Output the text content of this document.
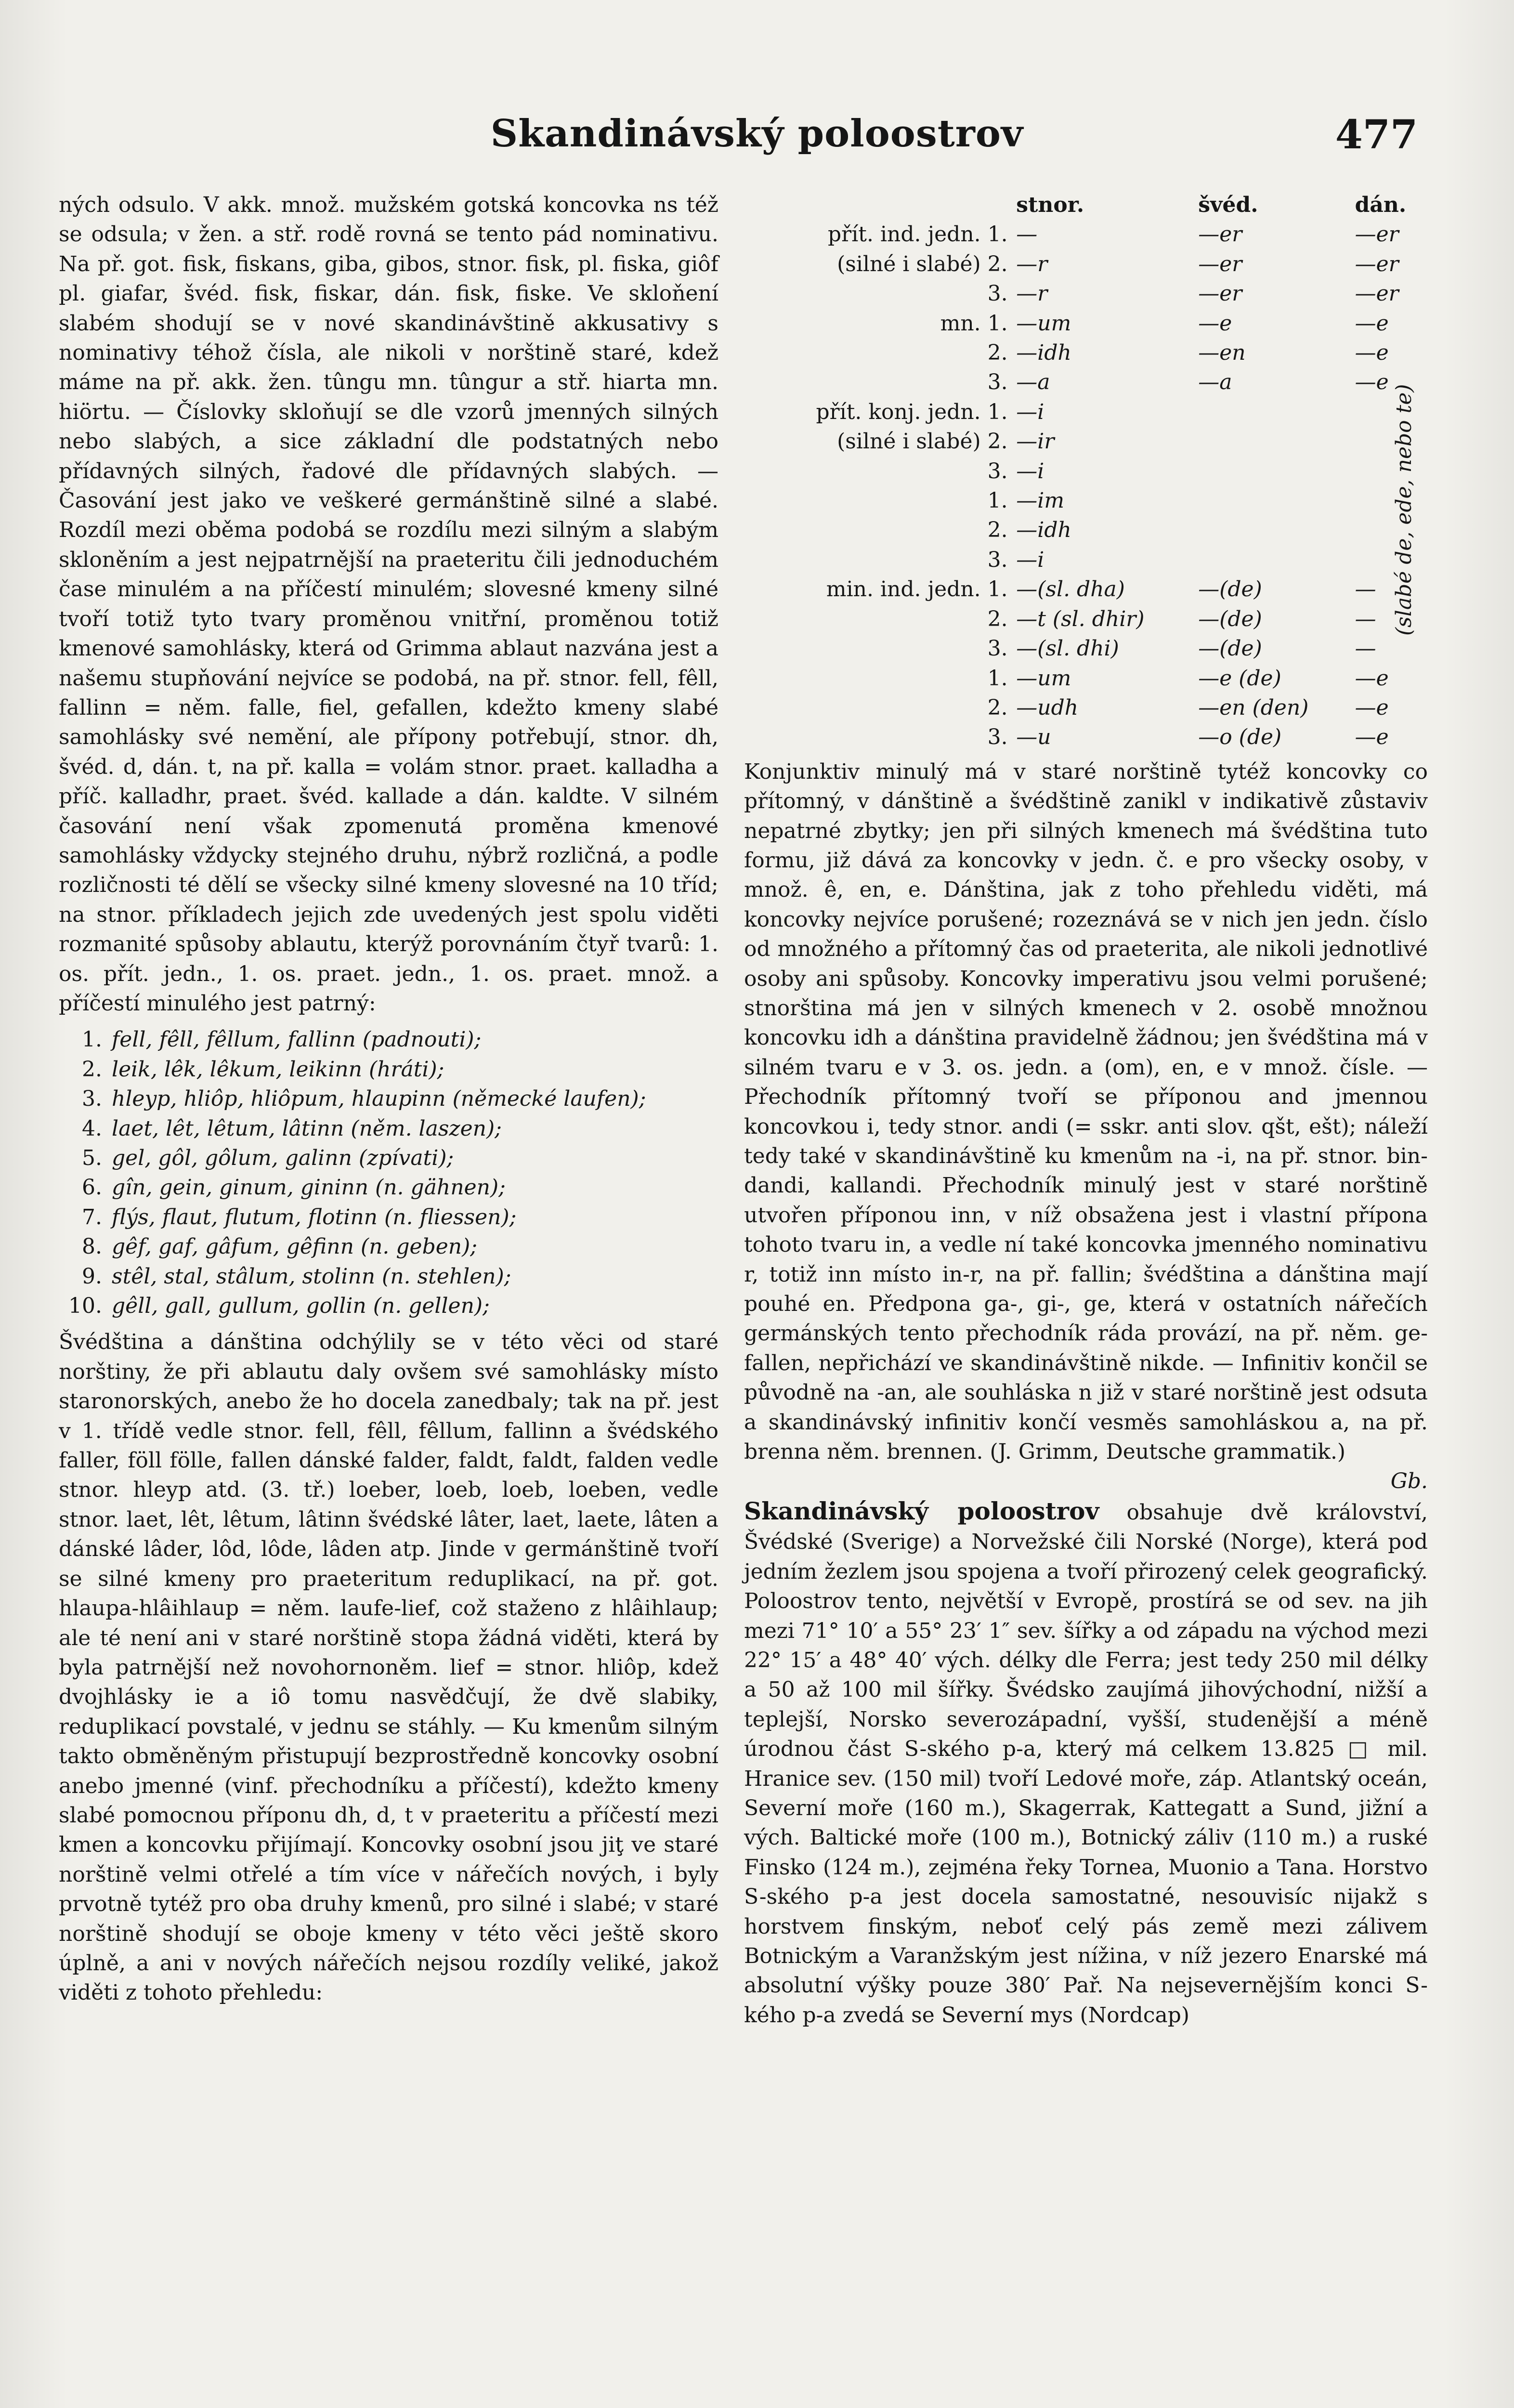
Skandinávský poloostrov	477

ných odsulo. V akk. množ. mužském gotská koncovka ns též se odsula; v žen. a stř. rodě rovná se tento pád nominativu. Na př. got. fisk, fiskans, giba, gibos, stnor. fisk, pl. fiska, giôf pl. giafar, švéd. fisk, fiskar, dán. fisk, fiske. Ve skloňení slabém shodují se v nové skandinávštině akkusativy s nominativy téhož čísla, ale nikoli v norštině staré, kdež máme na př. akk. žen. tûngu mn. tûngur a stř. hiarta mn. hiörtu. — Číslovky skloňují se dle vzorů jmenných silných nebo slabých, a sice základní dle podstatných nebo přídavných silných, řadové dle přídavných slabých. — Časování jest jako ve veškeré germánštině silné a slabé. Rozdíl mezi oběma podobá se rozdílu mezi silným a slabým skloněním a jest nejpatrnější na praeteritu čili jednoduchém čase minulém a na příčestí minulém; slovesné kmeny silné tvoří totiž tyto tvary proměnou vnitřní, proměnou totiž kmenové samohlásky, která od Grimma ablaut nazvána jest a našemu stupňování nejvíce se podobá, na př. stnor. fell, fêll, fallinn = něm. falle, fiel, gefallen, kdežto kmeny slabé samohlásky své nemění, ale přípony potřebují, stnor. dh, švéd. d, dán. t, na př. kalla = volám stnor. praet. kalladha a příč. kalladhr, praet. švéd. kallade a dán. kaldte. V silném časování není však zpomenutá proměna kmenové samohlásky vždycky stejného druhu, nýbrž rozličná, a podle rozličnosti té dělí se všecky silné kmeny slovesné na 10 tříd; na stnor. příkladech jejich zde uvedených jest spolu viděti rozmanité spůsoby ablautu, kterýž porovnáním čtyř tvarů: 1. os. přít. jedn., 1. os. praet. jedn., 1. os. praet. množ. a příčestí minulého jest patrný:

1. fell, fêll, fêllum, fallinn (padnouti);
2. leik, lêk, lêkum, leikinn (hráti);
3. hleyp, hliôp, hliôpum, hlaupinn (německé laufen);
4. laet, lêt, lêtum, lâtinn (něm. laszen);
5. gel, gôl, gôlum, galinn (zpívati);
6. gîn, gein, ginum, gininn (n. gähnen);
7. flýs, flaut, flutum, flotinn (n. fliessen);
8. gêf, gaf, gâfum, gêfinn (n. geben);
9. stêl, stal, stâlum, stolinn (n. stehlen);
10. gêll, gall, gullum, gollin (n. gellen);

Švédština a dánština odchýlily se v této věci od staré norštiny, že při ablautu daly ovšem své samohlásky místo staronorských, anebo že ho docela zanedbaly; tak na př. jest v 1. třídě vedle stnor. fell, fêll, fêllum, fallinn a švédského faller, föll fölle, fallen dánské falder, faldt, faldt, falden vedle stnor. hleyp atd. (3. tř.) loeber, loeb, loeb, loeben, vedle stnor. laet, lêt, lêtum, lâtinn švédské lâter, laet, laete, lâten a dánské lâder, lôd, lôde, lâden atp. Jinde v germánštině tvoří se silné kmeny pro praeteritum reduplikací, na př. got. hlaupa-hlâihlaup = něm. laufe-lief, což staženo z hlâihlaup; ale té není ani v staré norštině stopa žádná viděti, která by byla patrnější než novohornoněm. lief = stnor. hliôp, kdež dvojhlásky ie a iô tomu nasvědčují, že dvě slabiky, reduplikací povstalé, v jednu se stáhly. — Ku kmenům silným takto obměněným přistupují bezprostředně koncovky osobní anebo jmenné (vinf. přechodníku a příčestí), kdežto kmeny slabé pomocnou příponu dh, d, t v praeteritu a příčestí mezi kmen a koncovku přijímají. Koncovky osobní jsou jiţ ve staré norštině velmi otřelé a tím více v nářečích nových, i byly prvotně tytéž pro oba druhy kmenů, pro silné i slabé; v staré norštině shodují se oboje kmeny v této věci ještě skoro úplně, a ani v nových nářečích nejsou rozdíly veliké, jakož viděti z tohoto přehledu:

		stnor.	švéd.	dán.
přít. ind. jedn.	1.	—	—er	—er
(silné i slabé)	2.	—r	—er	—er
	3.	—r	—er	—er
mn.	1.	—um	—e	—e
	2.	—idh	—en	—e
	3.	—a	—a	—e
přít. konj. jedn.	1.	—i		
(silné i slabé)	2.	—ir		
	3.	—i		
	1.	—im		
	2.	—idh		
	3.	—i		
min. ind. jedn.	1.	—(sl. dha)	—(de)	—
	2.	—t (sl. dhir)	—(de)	—
	3.	—(sl. dhi)	—(de)	—
	1.	—um	—e (de)	—e
	2.	—udh	—en (den)	—e
	3.	—u	—o (de)	—e

Konjunktiv minulý má v staré norštině tytéž koncovky co přítomný, v dánštině a švédštině zanikl v indikativě zůstaviv nepatrné zbytky; jen při silných kmenech má švédština tuto formu, již dává za koncovky v jedn. č. e pro všecky osoby, v množ. ê, en, e. Dánština, jak z toho přehledu viděti, má koncovky nejvíce porušené; rozeznává se v nich jen jedn. číslo od množného a přítomný čas od praeterita, ale nikoli jednotlivé osoby ani spůsoby. Koncovky imperativu jsou velmi porušené; stnorština má jen v silných kmenech v 2. osobě množnou koncovku idh a dánština pravidelně žádnou; jen švédština má v silném tvaru e v 3. os. jedn. a (om), en, e v množ. čísle. — Přechodník přítomný tvoří se příponou and jmennou koncovkou i, tedy stnor. andi (= sskr. anti slov. qšt, ešt); náleží tedy také v skandinávštině ku kmenům na -i, na př. stnor. bin-dandi, kallandi. Přechodník minulý jest v staré norštině utvořen příponou inn, v níž obsažena jest i vlastní přípona tohoto tvaru in, a vedle ní také koncovka jmenného nominativu r, totiž inn místo in-r, na př. fallin; švédština a dánština mají pouhé en. Předpona ga-, gi-, ge, která v ostatních nářečích germánských tento přechodník ráda provází, na př. něm. ge-fallen, nepřichází ve skandinávštině nikde. — Infinitiv končil se původně na -an, ale souhláska n již v staré norštině jest odsuta a skandinávský infinitiv končí vesměs samohláskou a, na př. brenna něm. brennen. (J. Grimm, Deutsche grammatik.)

Gb.

Skandinávský poloostrov obsahuje dvě království, Švédské (Sverige) a Norvežské čili Norské (Norge), která pod jedním žezlem jsou spojena a tvoří přirozený celek geografický. Poloostrov tento, největší v Evropě, prostírá se od sev. na jih mezi 71° 10′ a 55° 23′ 1″ sev. šířky a od západu na východ mezi 22° 15′ a 48° 40′ vých. délky dle Ferra; jest tedy 250 mil délky a 50 až 100 mil šířky. Švédsko zaujímá jihovýchodní, nižší a teplejší, Norsko severozápadní, vyšší, studenější a méně úrodnou část S-ského p-a, který má celkem 13.825 □ mil. Hranice sev. (150 mil) tvoří Ledové moře, záp. Atlantský oceán, Severní moře (160 m.), Skagerrak, Kattegatt a Sund, jižní a vých. Baltické moře (100 m.), Botnický záliv (110 m.) a ruské Finsko (124 m.), zejména řeky Tornea, Muonio a Tana. Horstvo S-ského p-a jest docela samostatné, nesouvisíc nijakž s horstvem finským, neboť celý pás země mezi zálivem Botnickým a Varanžským jest nížina, v níž jezero Enarské má absolutní výšky pouze 380′ Pař. Na nejsevernějším konci S-kého p-a zvedá se Severní mys (Nordcap)

(slabé de, ede, nebo te)
